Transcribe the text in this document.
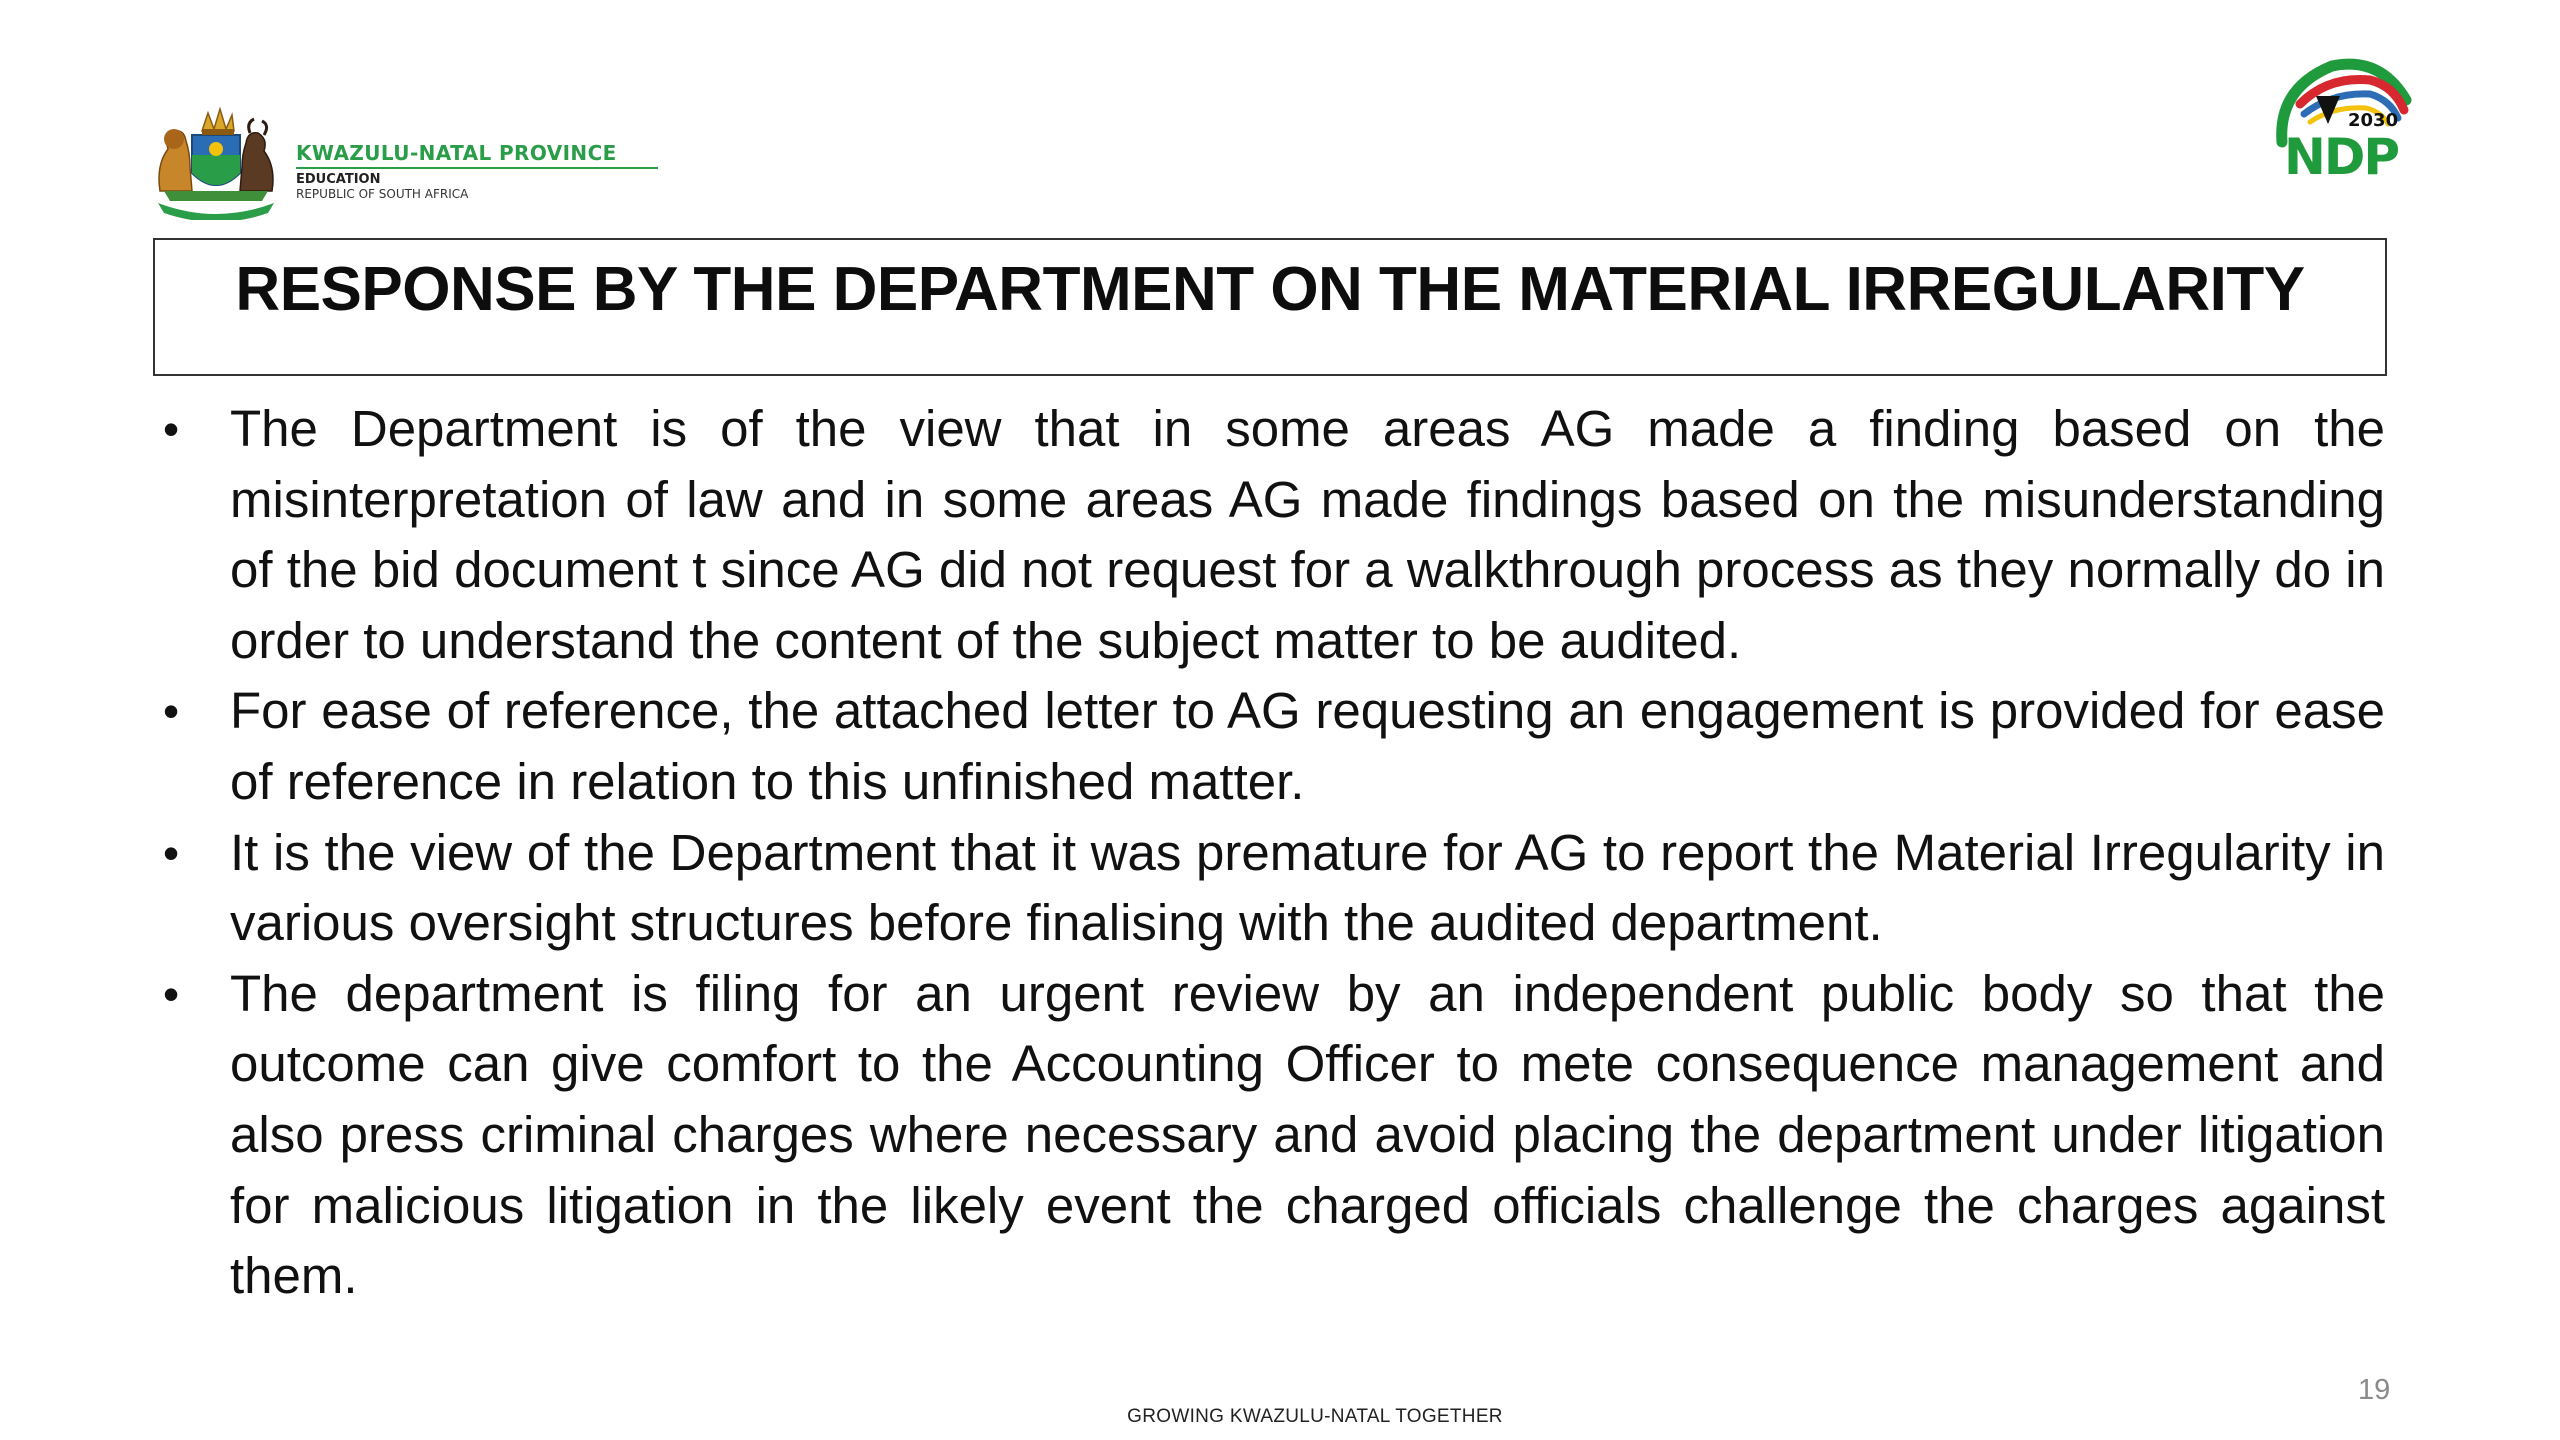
KWAZULU-NATAL PROVINCE
EDUCATION
REPUBLIC OF SOUTH AFRICA
2030
NDP
RESPONSE BY THE DEPARTMENT ON THE MATERIAL IRREGULARITY
• The Department is of the view that in some areas AG made a finding based on the misinterpretation of law and in some areas AG made findings based on the misunderstanding of the bid document t since AG did not request for a walkthrough process as they normally do in order to understand the content of the subject matter to be audited.
• For ease of reference, the attached letter to AG requesting an engagement is provided for ease of reference in relation to this unfinished matter.
• It is the view of the Department that it was premature for AG to report the Material Irregularity in various oversight structures before finalising with the audited department.
• The department is filing for an urgent review by an independent public body so that the outcome can give comfort to the Accounting Officer to mete consequence management and also press criminal charges where necessary and avoid placing the department under litigation for malicious litigation in the likely event the charged officials challenge the charges against them.
19
GROWING KWAZULU-NATAL TOGETHER
